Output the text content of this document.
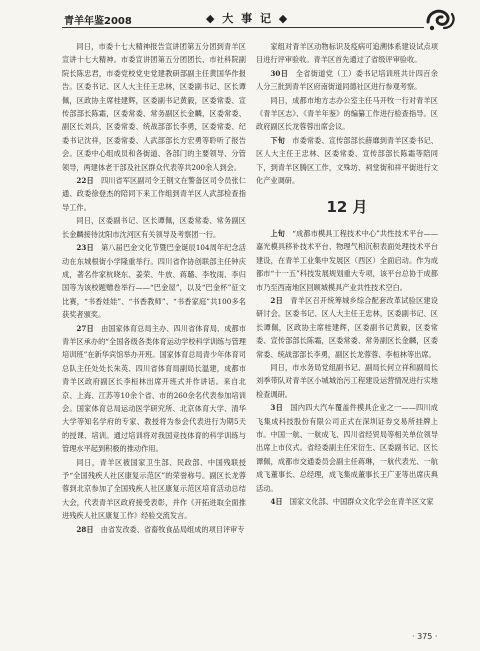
青羊年鉴2008	◆ 大 事 记 ◆

同日，市委十七大精神报告宣讲团第五分团到青羊区宣讲十七大精神。市委宣讲团第五分团团长、市社科院副院长陈忠君，市委党校党史党建教研部副主任黄国华作报告。区委书记、区人大主任王忠林，区委副书记、区长谭佩，区政协主席桂建辉，区委副书记黄毅，区委常委、宣传部部长陈霜，区委常委、常务副区长金麟，区委常委、副区长刘兵，区委常委、统战部部长李勇，区委常委、纪委书记沈祥，区委常委、人武部部长方宏勇等聆听了报告会。区委中心组成员和各街道、各部门的主要领导、分管领导，两建体老干部及社区群众代表等共200余人到会。

22日　 四川省军区副司令王钢文在警备区司令员张仁通、政委徐登杰的陪同下来工作组到青羊区人武部检查指导工作。

同日，区委副书记、区长谭佩，区委常委、常务副区长金麟接待沈阳市沈河区有关领导及考察团一行。

23日　 第八届巴金文化节暨巴金诞辰104周年纪念活动在东城根街小学隆重举行。四川省作协创联部主任钟庆成，著名作家杭晓东、姜荣、牛放、蒋璐、李牧雨、李归国等为该校题赠卷举行——“巴金屋”，以及“巴金杯”征文比赛，“书香娃娃”、“书香教师”、“书香家庭”共100多名获奖者颁奖。

27日　 由国家体育总局主办、四川省体育局、成都市青羊区承办的“全国各级各类体育运动学校科学训练与管理培训班”在新华宾馆举办开班。国家体育总局青少年体育司总队主任处处长朱英、四川省体育局副局长温建，成都市青羊区政府副区长李桓林出席开班式并作讲话。来自北京、上海、江苏等10余个省、市的260余名代表参加培训会。国家体育总局运动医学研究所、北京体育大学、清华大学等知名学府的专家、教授将为参会代表进行为期5天的授课、培训。通过培训将对我国竞技体育的科学训练与管理水平起到积极的推动作用。

同日，青羊区被国家卫生部、民政部、中国残联授予“全国残疾人社区康复示范区”的荣誉称号。副区长龙蓉蓉到北京参加了全国残疾人社区康复示范区培育活动总结大会，代表青羊区政府接受表彰，并作《开拓进取全面推进残疾人社区康复工作》经验交流发言。

28日　 由省发改委、省畜牧食品局组成的项目评审专

家组对青羊区动物标识及疫病可追溯体系建设试点项目进行评审验收。青羊区首先通过了省级评审验收。

30日　 全省街道党（工）委书记培训班共计四百余人分三批到青羊区府南街道同德社区进行参观考察。

同日，成都市地方志办公室主任马开牧一行对青羊区《青羊区志》、《青羊年鉴》的编纂工作进行检查指导。区政府副区长龙蓉蓉出席会议。

下旬　 市委常委、宣传部部长薛靡到青羊区委书记、区人大主任王忠林、区委常委、宣传部部长陈霜等陪同下，到青羊区腾区工作，文殊坊、祠堂街和祥平街进行文化产业调研。

12 月

上旬　 “成都市模具工程技术中心”共性技术平台——嘉光模具移补技术平台、物理气相沉积表面处理技术平台建设，在青羊工业集中发展区（西区）全面启动。作为成都市“十一五”科技发展规划重大专项，该平台总协于成都市乃至西南地区回顾城模具产业共性技术空白。

2日　 青羊区召开统筹城乡综合配套改革试验区建设研讨会。区委书记、区人大主任王忠林，区委副书记、区长谭佩，区政协主席桂建辉，区委副书记黄毅，区委常委、宣传部部长陈霜，区委常委、常务副区长金麟，区委常委、统战部部长李勇，副区长龙蓉蓉、李桓林等出席。

同日，市水务局党组副书记、副局长何立祥和副局长刘季带队对青羊区小城城治污工程建设运营情况进行实地检查调研。

3日　 国内四大汽车覆盖件模具企业之一——四川成飞集成科技股份有限公司正式在深圳证券交易所挂牌上市。中国一航、一航成飞、四川省经贸局等相关单位领导出席上市仪式。省经委副主任宋衍生、区委副书记、区长谭佩，成都市交通委员会副主任蒋琳，一航代表光、一航成飞董事长、总经理，成飞集成董事长王广亚等出席庆典活动。

4日　 国家文化部、中国群众文化学会在青羊区文家

· 375 ·
